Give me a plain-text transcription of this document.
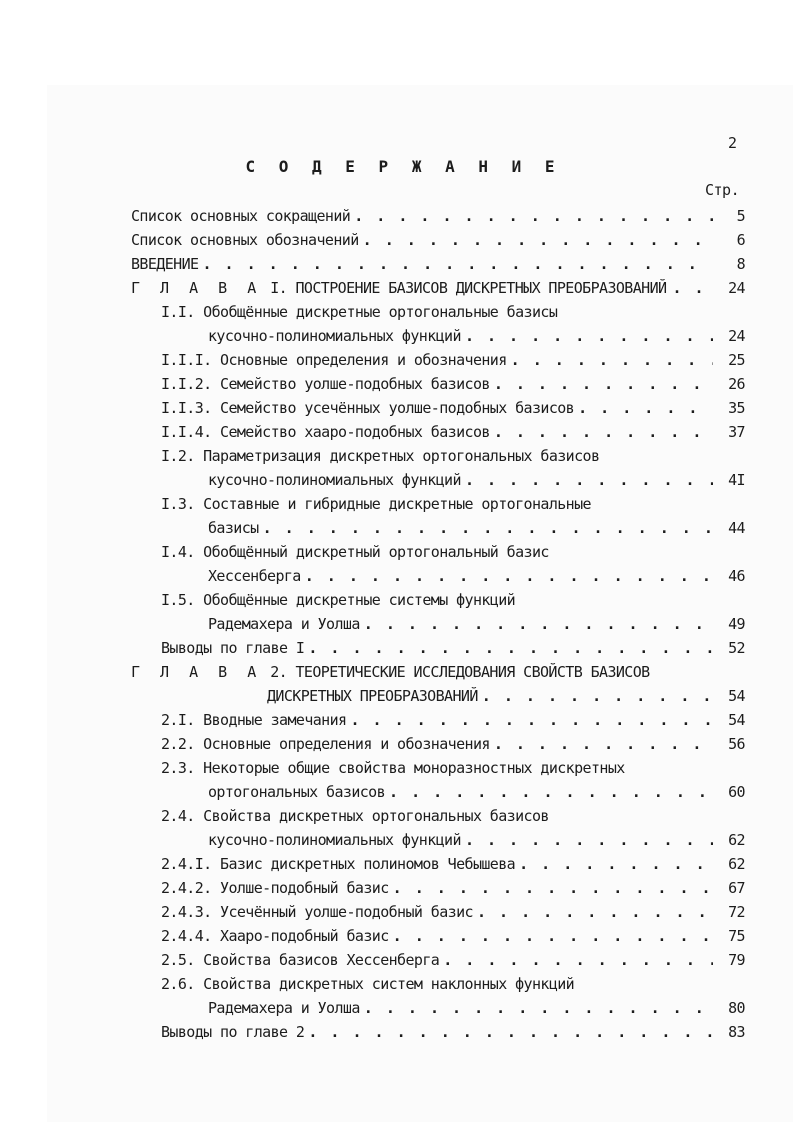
2
С О Д Е Р Ж А Н И Е
Стр.
Список основных сокращений . . .	5
Список основных обозначений . . .	6
ВВЕДЕНИЕ . . .	8
Г Л А В А I. ПОСТРОЕНИЕ БАЗИСОВ ДИСКРЕТНЫХ ПРЕОБРАЗОВАНИЙ . . .	24
I.I. Обобщённые дискретные ортогональные базисы
кусочно-полиномиальных функций . . .	24
I.I.I. Основные определения и обозначения . . .	25
I.I.2. Семейство уолше-подобных базисов . . .	26
I.I.3. Семейство усечённых уолше-подобных базисов . . .	35
I.I.4. Семейство хааро-подобных базисов . . .	37
I.2. Параметризация дискретных ортогональных базисов
кусочно-полиномиальных функций . . .	4I
I.3. Составные и гибридные дискретные ортогональные
базисы . . .	44
I.4. Обобщённый дискретный ортогональный базис
Хессенберга . . .	46
I.5. Обобщённые дискретные системы функций
Радемахера и Уолша . . .	49
Выводы по главе I . . .	52
Г Л А В А 2. ТЕОРЕТИЧЕСКИЕ ИССЛЕДОВАНИЯ СВОЙСТВ БАЗИСОВ
ДИСКРЕТНЫХ ПРЕОБРАЗОВАНИЙ . . .	54
2.I. Вводные замечания . . .	54
2.2. Основные определения и обозначения . . .	56
2.3. Некоторые общие свойства моноразностных дискретных
ортогональных базисов . . .	60
2.4. Свойства дискретных ортогональных базисов
кусочно-полиномиальных функций . . .	62
2.4.I. Базис дискретных полиномов Чебышева . . .	62
2.4.2. Уолше-подобный базис . . .	67
2.4.3. Усечённый уолше-подобный базис . . .	72
2.4.4. Хааро-подобный базис . . .	75
2.5. Свойства базисов Хессенберга . . .	79
2.6. Свойства дискретных систем наклонных функций
Радемахера и Уолша . . .	80
Выводы по главе 2 . . .	83
